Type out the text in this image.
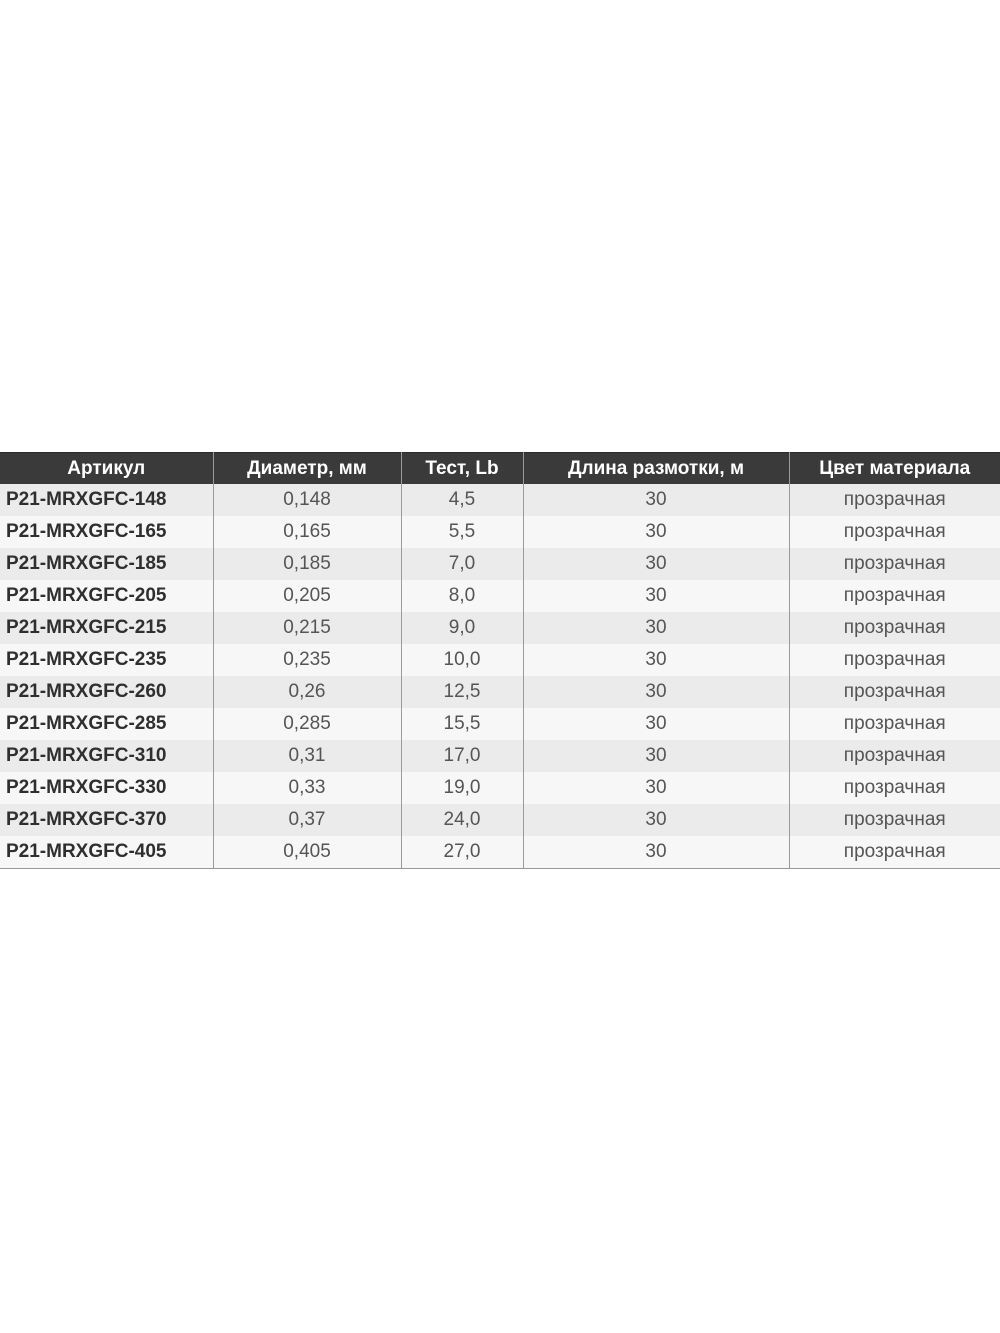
Артикул	Диаметр, мм	Тест, Lb	Длина размотки, м	Цвет материала
P21-MRXGFC-148	0,148	4,5	30	прозрачная
P21-MRXGFC-165	0,165	5,5	30	прозрачная
P21-MRXGFC-185	0,185	7,0	30	прозрачная
P21-MRXGFC-205	0,205	8,0	30	прозрачная
P21-MRXGFC-215	0,215	9,0	30	прозрачная
P21-MRXGFC-235	0,235	10,0	30	прозрачная
P21-MRXGFC-260	0,26	12,5	30	прозрачная
P21-MRXGFC-285	0,285	15,5	30	прозрачная
P21-MRXGFC-310	0,31	17,0	30	прозрачная
P21-MRXGFC-330	0,33	19,0	30	прозрачная
P21-MRXGFC-370	0,37	24,0	30	прозрачная
P21-MRXGFC-405	0,405	27,0	30	прозрачная
